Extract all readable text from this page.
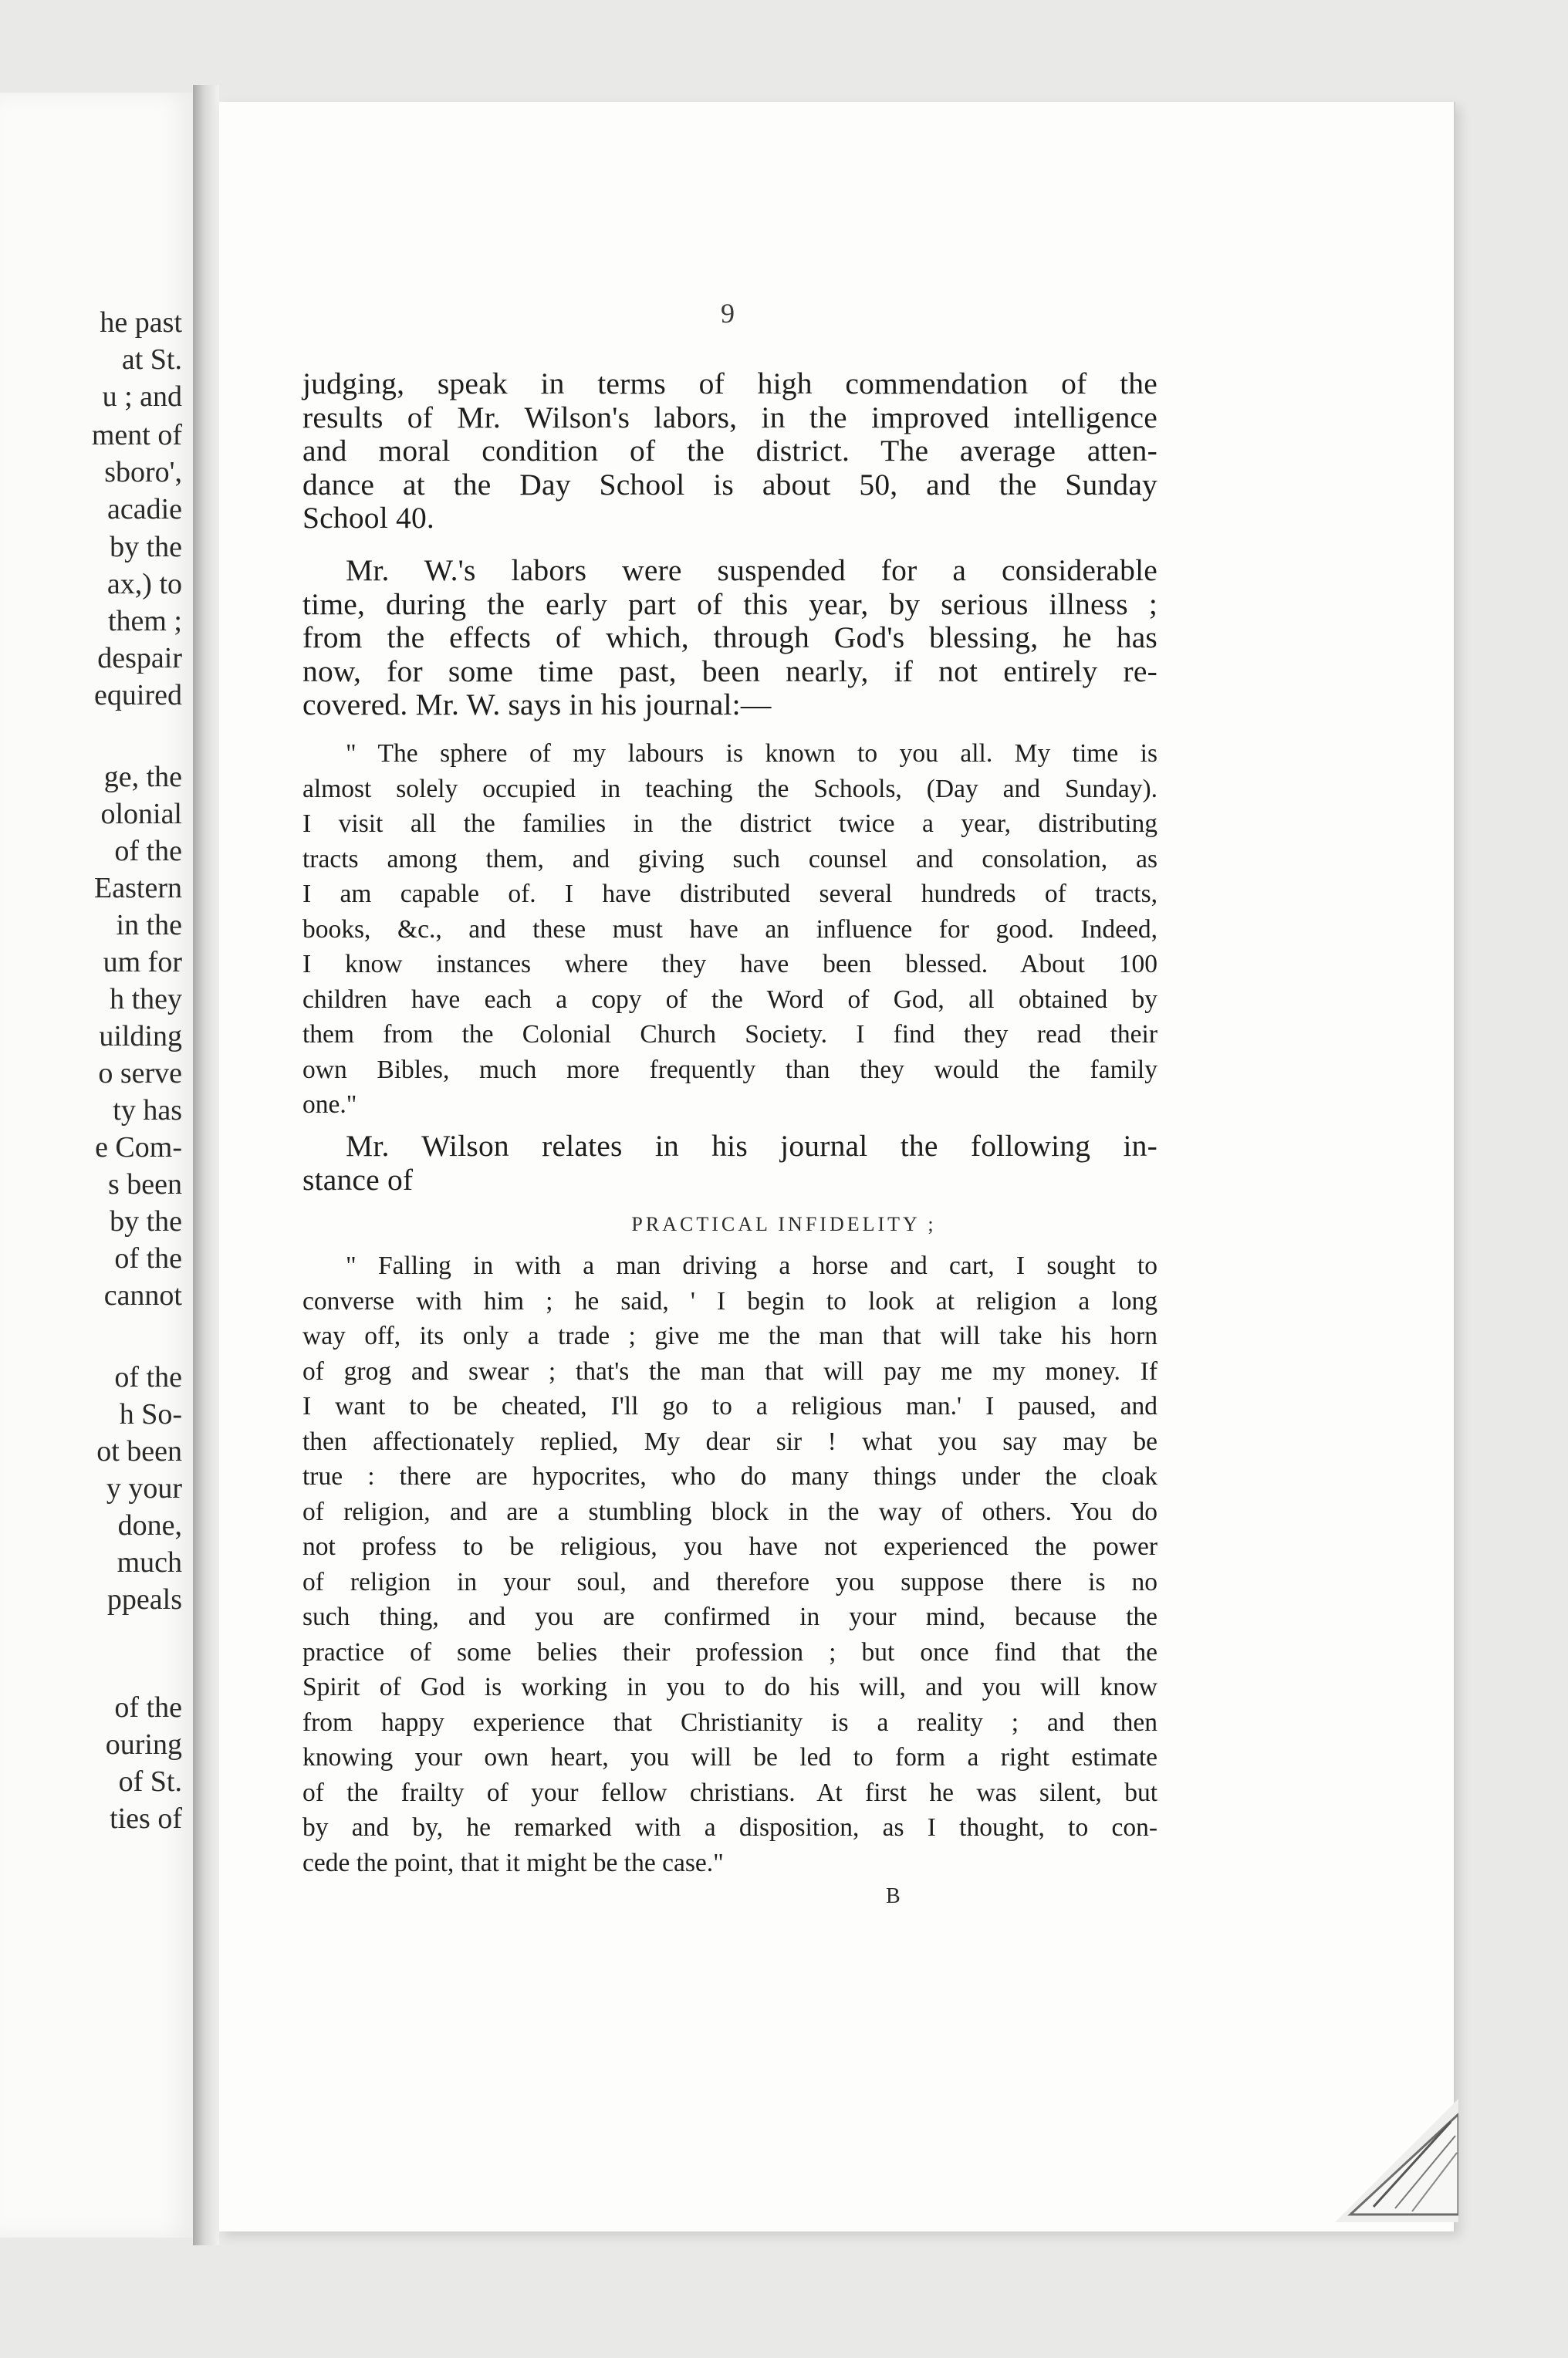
he past
at St.
u ; and
ment of
sboro',
acadie
by the
ax,) to
them ;
despair
equired
ge, the
olonial
of the
Eastern
in the
um for
h they
uilding
o serve
ty has
e Com-
s been
by the
of the
cannot
of the
h So-
ot been
y your
done,
much
ppeals
of the
ouring
of St.
ties of
9
judging, speak in terms of high commendation of the
results of Mr. Wilson's labors, in the improved intelligence
and moral condition of the district. The average atten-
dance at the Day School is about 50, and the Sunday
School 40.
Mr. W.'s labors were suspended for a considerable
time, during the early part of this year, by serious illness ;
from the effects of which, through God's blessing, he has
now, for some time past, been nearly, if not entirely re-
covered. Mr. W. says in his journal:—
" The sphere of my labours is known to you all. My time is
almost solely occupied in teaching the Schools, (Day and Sunday).
I visit all the families in the district twice a year, distributing
tracts among them, and giving such counsel and consolation, as
I am capable of. I have distributed several hundreds of tracts,
books, &c., and these must have an influence for good. Indeed,
I know instances where they have been blessed. About 100
children have each a copy of the Word of God, all obtained by
them from the Colonial Church Society. I find they read their
own Bibles, much more frequently than they would the family
one."
Mr. Wilson relates in his journal the following in-
stance of
" Falling in with a man driving a horse and cart, I sought to
converse with him ; he said, ' I begin to look at religion a long
way off, its only a trade ; give me the man that will take his horn
of grog and swear ; that's the man that will pay me my money. If
I want to be cheated, I'll go to a religious man.' I paused, and
then affectionately replied, My dear sir ! what you say may be
true : there are hypocrites, who do many things under the cloak
of religion, and are a stumbling block in the way of others. You do
not profess to be religious, you have not experienced the power
of religion in your soul, and therefore you suppose there is no
such thing, and you are confirmed in your mind, because the
practice of some belies their profession ; but once find that the
Spirit of God is working in you to do his will, and you will know
from happy experience that Christianity is a reality ; and then
knowing your own heart, you will be led to form a right estimate
of the frailty of your fellow christians. At first he was silent, but
by and by, he remarked with a disposition, as I thought, to con-
cede the point, that it might be the case."
PRACTICAL INFIDELITY ;
B
